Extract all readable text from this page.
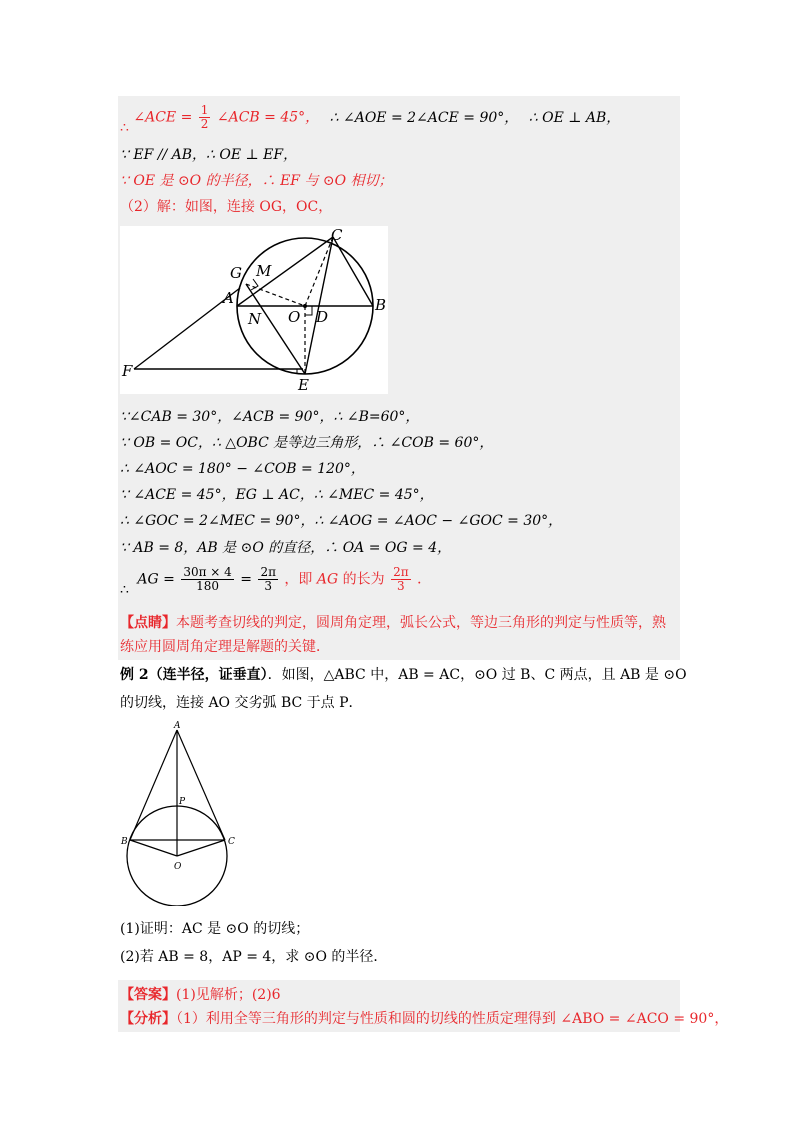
∴ ∠ACE = $\frac{1}{2}$ ∠ACB = 45°， ∴ ∠AOE = 2∠ACE = 90°， ∴ OE ⊥ AB，
∵ EF // AB，∴ OE ⊥ EF，
∵ OE 是 ⊙O 的半径，∴ EF 与 ⊙O 相切；
（2）解：如图，连接 OG，OC，
C
G M
A	B
N O D
F
E
∵∠CAB = 30°，∠ACB = 90°，∴ ∠B=60°，
∵ OB = OC，∴ △OBC 是等边三角形，∴ ∠COB = 60°，
∴ ∠AOC = 180° − ∠COB = 120°，
∵ ∠ACE = 45°，EG ⊥ AC，∴ ∠MEC = 45°，
∴ ∠GOC = 2∠MEC = 90°，∴ ∠AOG = ∠AOC − ∠GOC = 30°，
∵ AB = 8，AB 是 ⊙O 的直径，∴ OA = OG = 4，
∴ AG = $\frac{30\pi \times 4}{180} = \frac{2\pi}{3}$ ，即 AG 的长为 $\frac{2\pi}{3}$ ．
【点睛】本题考查切线的判定，圆周角定理，弧长公式，等边三角形的判定与性质等，熟
练应用圆周角定理是解题的关键．
例 2（连半径，证垂直）．如图，△ABC 中，AB = AC，⊙O 过 B、C 两点，且 AB 是 ⊙O
的切线，连接 AO 交劣弧 BC 于点 P．
A
P
B	C
O
(1)证明：AC 是 ⊙O 的切线；
(2)若 AB = 8，AP = 4，求 ⊙O 的半径．
【答案】(1)见解析；(2)6
【分析】（1）利用全等三角形的判定与性质和圆的切线的性质定理得到 ∠ABO = ∠ACO = 90°，
